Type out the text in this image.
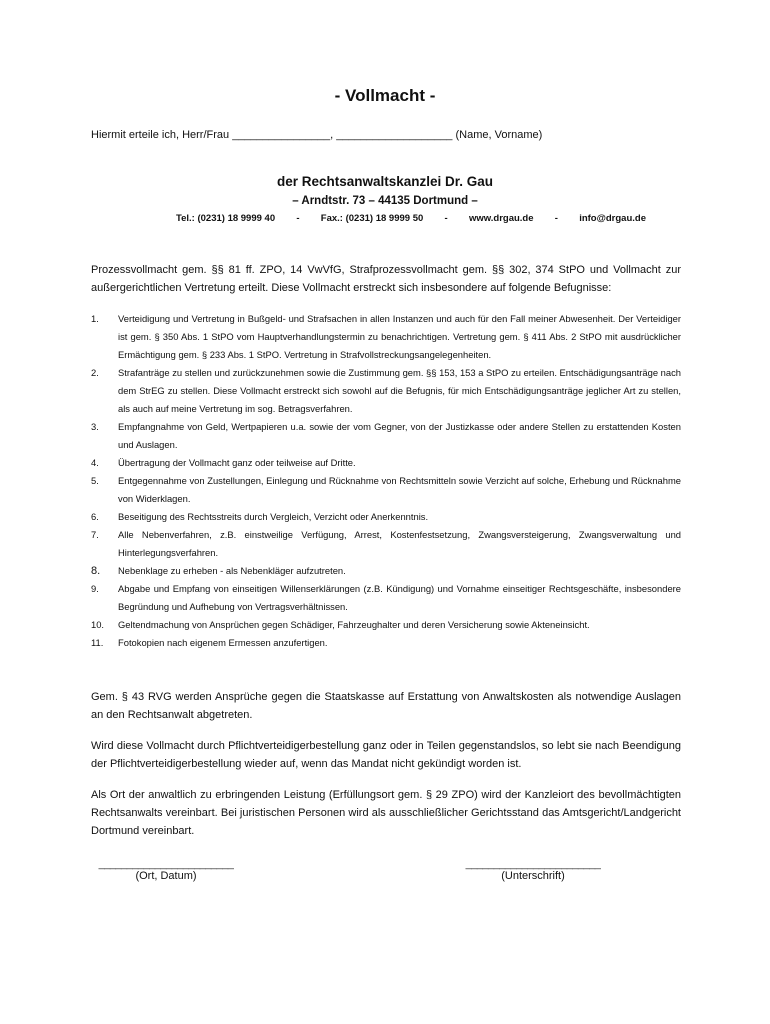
- Vollmacht -
Hiermit erteile ich, Herr/Frau ________________, ___________________ (Name, Vorname)
der Rechtsanwaltskanzlei Dr. Gau
– Arndtstr. 73 – 44135 Dortmund –
Tel.: (0231) 18 9999 40 - Fax.: (0231) 18 9999 50 - www.drgau.de - info@drgau.de
Prozessvollmacht gem. §§ 81 ff. ZPO, 14 VwVfG, Strafprozessvollmacht gem. §§ 302, 374 StPO und Vollmacht zur außergerichtlichen Vertretung erteilt. Diese Vollmacht erstreckt sich insbesondere auf folgende Befugnisse:
1.	Verteidigung und Vertretung in Bußgeld- und Strafsachen in allen Instanzen und auch für den Fall meiner Abwesenheit. Der Verteidiger ist gem. § 350 Abs. 1 StPO vom Hauptverhandlungstermin zu benachrichtigen. Vertretung gem. § 411 Abs. 2 StPO mit ausdrücklicher Ermächtigung gem. § 233 Abs. 1 StPO. Vertretung in Strafvollstreckungsangelegenheiten.
2.	Strafanträge zu stellen und zurückzunehmen sowie die Zustimmung gem. §§ 153, 153 a StPO zu erteilen. Entschädigungsanträge nach dem StrEG zu stellen. Diese Vollmacht erstreckt sich sowohl auf die Befugnis, für mich Entschädigungsanträge jeglicher Art zu stellen, als auch auf meine Vertretung im sog. Betragsverfahren.
3.	Empfangnahme von Geld, Wertpapieren u.a. sowie der vom Gegner, von der Justizkasse oder andere Stellen zu erstattenden Kosten und Auslagen.
4.	Übertragung der Vollmacht ganz oder teilweise auf Dritte.
5.	Entgegennahme von Zustellungen, Einlegung und Rücknahme von Rechtsmitteln sowie Verzicht auf solche, Erhebung und Rücknahme von Widerklagen.
6.	Beseitigung des Rechtsstreits durch Vergleich, Verzicht oder Anerkenntnis.
7.	Alle Nebenverfahren, z.B. einstweilige Verfügung, Arrest, Kostenfestsetzung, Zwangsversteigerung, Zwangsverwaltung und Hinterlegungsverfahren.
8.	Nebenklage zu erheben - als Nebenkläger aufzutreten.
9.	Abgabe und Empfang von einseitigen Willenserklärungen (z.B. Kündigung) und Vornahme einseitiger Rechtsgeschäfte, insbesondere Begründung und Aufhebung von Vertragsverhältnissen.
10.	Geltendmachung von Ansprüchen gegen Schädiger, Fahrzeughalter und deren Versicherung sowie Akteneinsicht.
11.	Fotokopien nach eigenem Ermessen anzufertigen.
Gem. § 43 RVG werden Ansprüche gegen die Staatskasse auf Erstattung von Anwaltskosten als notwendige Auslagen an den Rechtsanwalt abgetreten.
Wird diese Vollmacht durch Pflichtverteidigerbestellung ganz oder in Teilen gegenstandslos, so lebt sie nach Beendigung der Pflichtverteidigerbestellung wieder auf, wenn das Mandat nicht gekündigt worden ist.
Als Ort der anwaltlich zu erbringenden Leistung (Erfüllungsort gem. § 29 ZPO) wird der Kanzleiort des bevollmächtigten Rechtsanwalts vereinbart. Bei juristischen Personen wird als ausschließlicher Gerichtsstand das Amtsgericht/Landgericht Dortmund vereinbart.
________________________
(Ort, Datum)
________________________
(Unterschrift)
